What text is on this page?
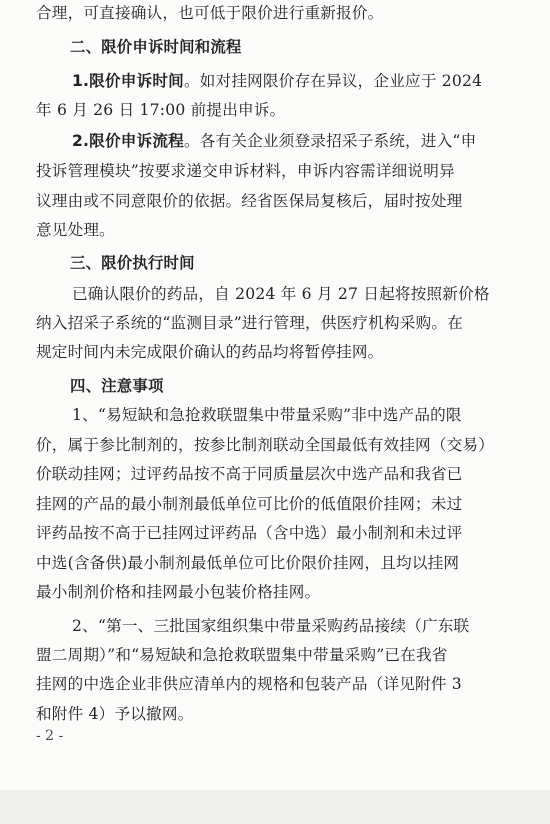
合理，可直接确认，也可低于限价进行重新报价。
二、限价申诉时间和流程
1.限价申诉时间。如对挂网限价存在异议，企业应于 2024
年 6 月 26 日 17:00 前提出申诉。
2.限价申诉流程。各有关企业须登录招采子系统，进入“申
投诉管理模块”按要求递交申诉材料，申诉内容需详细说明异
议理由或不同意限价的依据。经省医保局复核后，届时按处理
意见处理。
三、限价执行时间
已确认限价的药品，自 2024 年 6 月 27 日起将按照新价格
纳入招采子系统的“监测目录”进行管理，供医疗机构采购。在
规定时间内未完成限价确认的药品均将暂停挂网。
四、注意事项
1、“易短缺和急抢救联盟集中带量采购”非中选产品的限
价，属于参比制剂的，按参比制剂联动全国最低有效挂网（交易）
价联动挂网；过评药品按不高于同质量层次中选产品和我省已
挂网的产品的最小制剂最低单位可比价的低值限价挂网；未过
评药品按不高于已挂网过评药品（含中选）最小制剂和未过评
中选(含备供)最小制剂最低单位可比价限价挂网，且均以挂网
最小制剂价格和挂网最小包装价格挂网。
2、“第一、三批国家组织集中带量采购药品接续（广东联
盟二周期）”和“易短缺和急抢救联盟集中带量采购”已在我省
挂网的中选企业非供应清单内的规格和包装产品（详见附件 3
和附件 4）予以撤网。
- 2 -
